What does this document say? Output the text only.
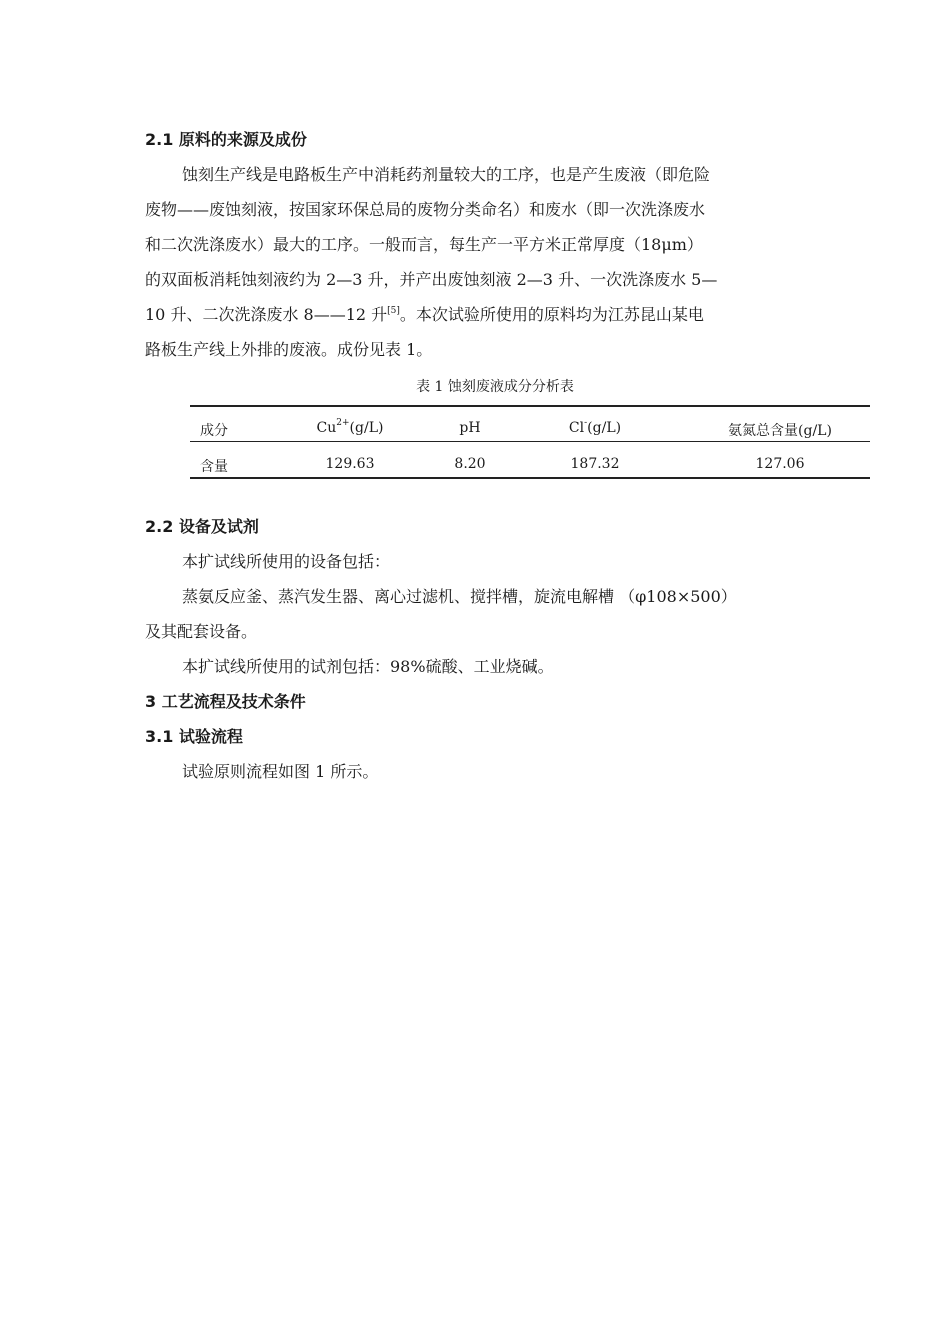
2.1 原料的来源及成份
蚀刻生产线是电路板生产中消耗药剂量较大的工序，也是产生废液（即危险
废物——废蚀刻液，按国家环保总局的废物分类命名）和废水（即一次洗涤废水
和二次洗涤废水）最大的工序。一般而言，每生产一平方米正常厚度（18μm）
的双面板消耗蚀刻液约为 2—3 升，并产出废蚀刻液 2—3 升、一次洗涤废水 5—
10 升、二次洗涤废水 8——12 升[5]。本次试验所使用的原料均为江苏昆山某电
路板生产线上外排的废液。成份见表 1。
表 1 蚀刻废液成分分析表
成分	$Cu^{2+}(g/L)$	pH	Cl-(g/L)	氨氮总含量(g/L)
含量	129.63	8.20	187.32	127.06
2.2 设备及试剂
本扩试线所使用的设备包括：
蒸氨反应釜、蒸汽发生器、离心过滤机、搅拌槽，旋流电解槽 （φ108×500）
及其配套设备。
本扩试线所使用的试剂包括：98%硫酸、工业烧碱。
3 工艺流程及技术条件
3.1 试验流程
试验原则流程如图 1 所示。
